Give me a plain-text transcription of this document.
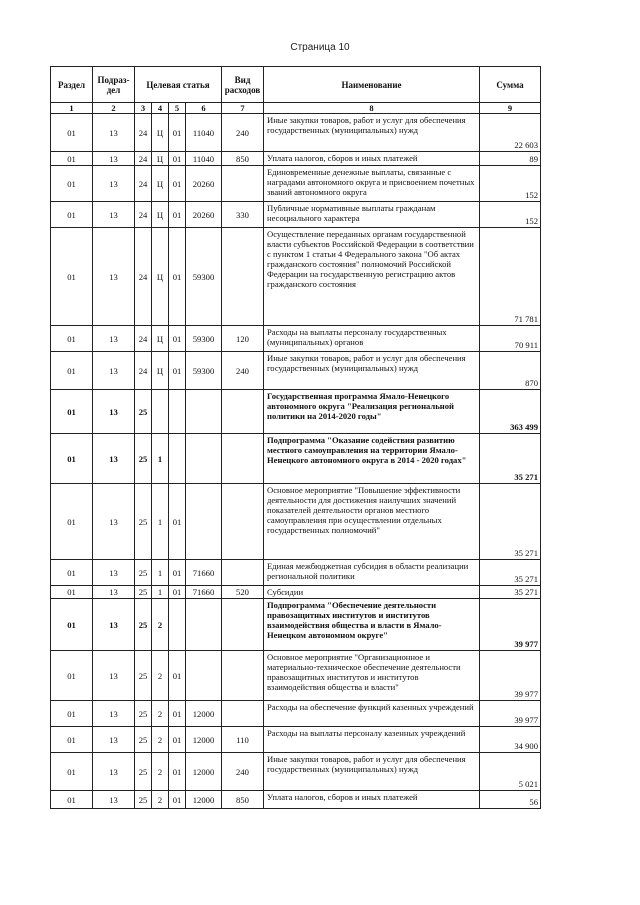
Страница 10
Раздел	Подраз-дел	Целевая статья				Вид расходов	Наименование	Сумма
1	2	3	4	5	6	7	8	9
01	13	24	Ц	01	11040	240	Иные закупки товаров, работ и услуг для обеспечения государственных (муниципальных) нужд	22 603
01	13	24	Ц	01	11040	850	Уплата налогов, сборов и иных платежей	89
01	13	24	Ц	01	20260		Единовременные денежные выплаты, связанные с наградами автономного округа и присвоением почетных званий автономного округа	152
01	13	24	Ц	01	20260	330	Публичные нормативные выплаты гражданам несоциального характера	152
01	13	24	Ц	01	59300		Осуществление переданных органам государственной власти субъектов Российской Федерации в соответствии с пунктом 1 статьи 4 Федерального закона "Об актах гражданского состояния" полномочий Российской Федерации на государственную регистрацию актов гражданского состояния	71 781
01	13	24	Ц	01	59300	120	Расходы на выплаты персоналу государственных (муниципальных) органов	70 911
01	13	24	Ц	01	59300	240	Иные закупки товаров, работ и услуг для обеспечения государственных (муниципальных) нужд	870
01	13	25					Государственная программа Ямало-Ненецкого автономного округа "Реализация региональной политики на 2014-2020 годы"	363 499
01	13	25	1				Подпрограмма "Оказание содействия развитию местного самоуправления на территории Ямало-Ненецкого автономного округа в 2014 - 2020 годах"	35 271
01	13	25	1	01			Основное мероприятие "Повышение эффективности деятельности для достижения наилучших значений показателей деятельности органов местного самоуправления при осуществлении отдельных государственных полномочий"	35 271
01	13	25	1	01	71660		Единая межбюджетная субсидия в области реализации региональной политики	35 271
01	13	25	1	01	71660	520	Субсидии	35 271
01	13	25	2				Подпрограмма "Обеспечение деятельности правозащитных институтов и институтов взаимодействия общества и власти в Ямало-Ненецком автономном округе"	39 977
01	13	25	2	01			Основное мероприятие "Организационное и материально-техническое обеспечение деятельности правозащитных институтов и институтов взаимодействия общества и власти"	39 977
01	13	25	2	01	12000		Расходы на обеспечение функций казенных учреждений	39 977
01	13	25	2	01	12000	110	Расходы на выплаты персоналу казенных учреждений	34 900
01	13	25	2	01	12000	240	Иные закупки товаров, работ и услуг для обеспечения государственных (муниципальных) нужд	5 021
01	13	25	2	01	12000	850	Уплата налогов, сборов и иных платежей	56
